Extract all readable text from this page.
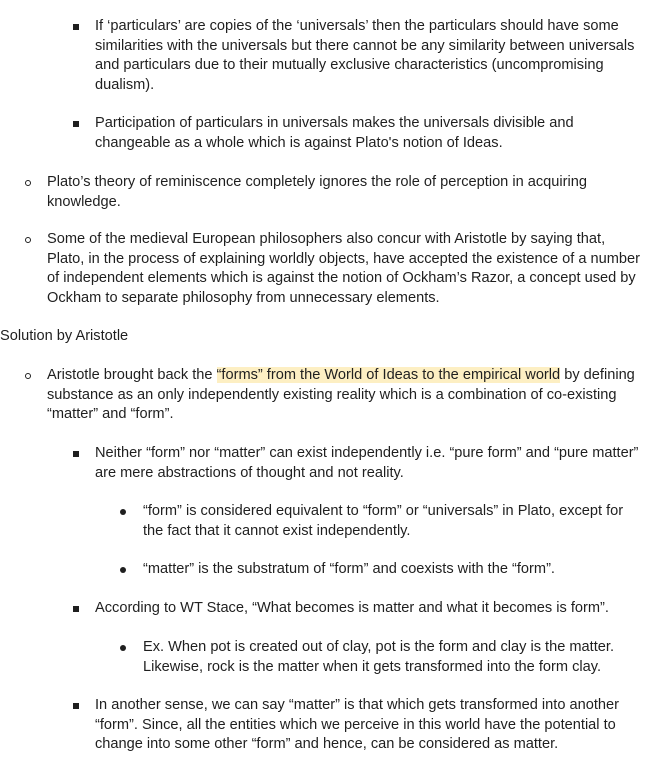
If ‘particulars’ are copies of the ‘universals’ then the particulars should have some similarities with the universals but there cannot be any similarity between universals and particulars due to their mutually exclusive characteristics (uncompromising dualism).
Participation of particulars in universals makes the universals divisible and changeable as a whole which is against Plato's notion of Ideas.
Plato’s theory of reminiscence completely ignores the role of perception in acquiring knowledge.
Some of the medieval European philosophers also concur with Aristotle by saying that, Plato, in the process of explaining worldly objects, have accepted the existence of a number of independent elements which is against the notion of Ockham’s Razor, a concept used by Ockham to separate philosophy from unnecessary elements.
Solution by Aristotle
Aristotle brought back the “forms” from the World of Ideas to the empirical world by defining substance as an only independently existing reality which is a combination of co-existing “matter” and “form”.
Neither “form” nor “matter” can exist independently i.e. “pure form” and “pure matter” are mere abstractions of thought and not reality.
“form” is considered equivalent to “form” or “universals” in Plato, except for the fact that it cannot exist independently.
“matter” is the substratum of “form” and coexists with the “form”.
According to WT Stace, “What becomes is matter and what it becomes is form”.
Ex. When pot is created out of clay, pot is the form and clay is the matter. Likewise, rock is the matter when it gets transformed into the form clay.
In another sense, we can say “matter” is that which gets transformed into another “form”. Since, all the entities which we perceive in this world have the potential to change into some other “form” and hence, can be considered as matter.
